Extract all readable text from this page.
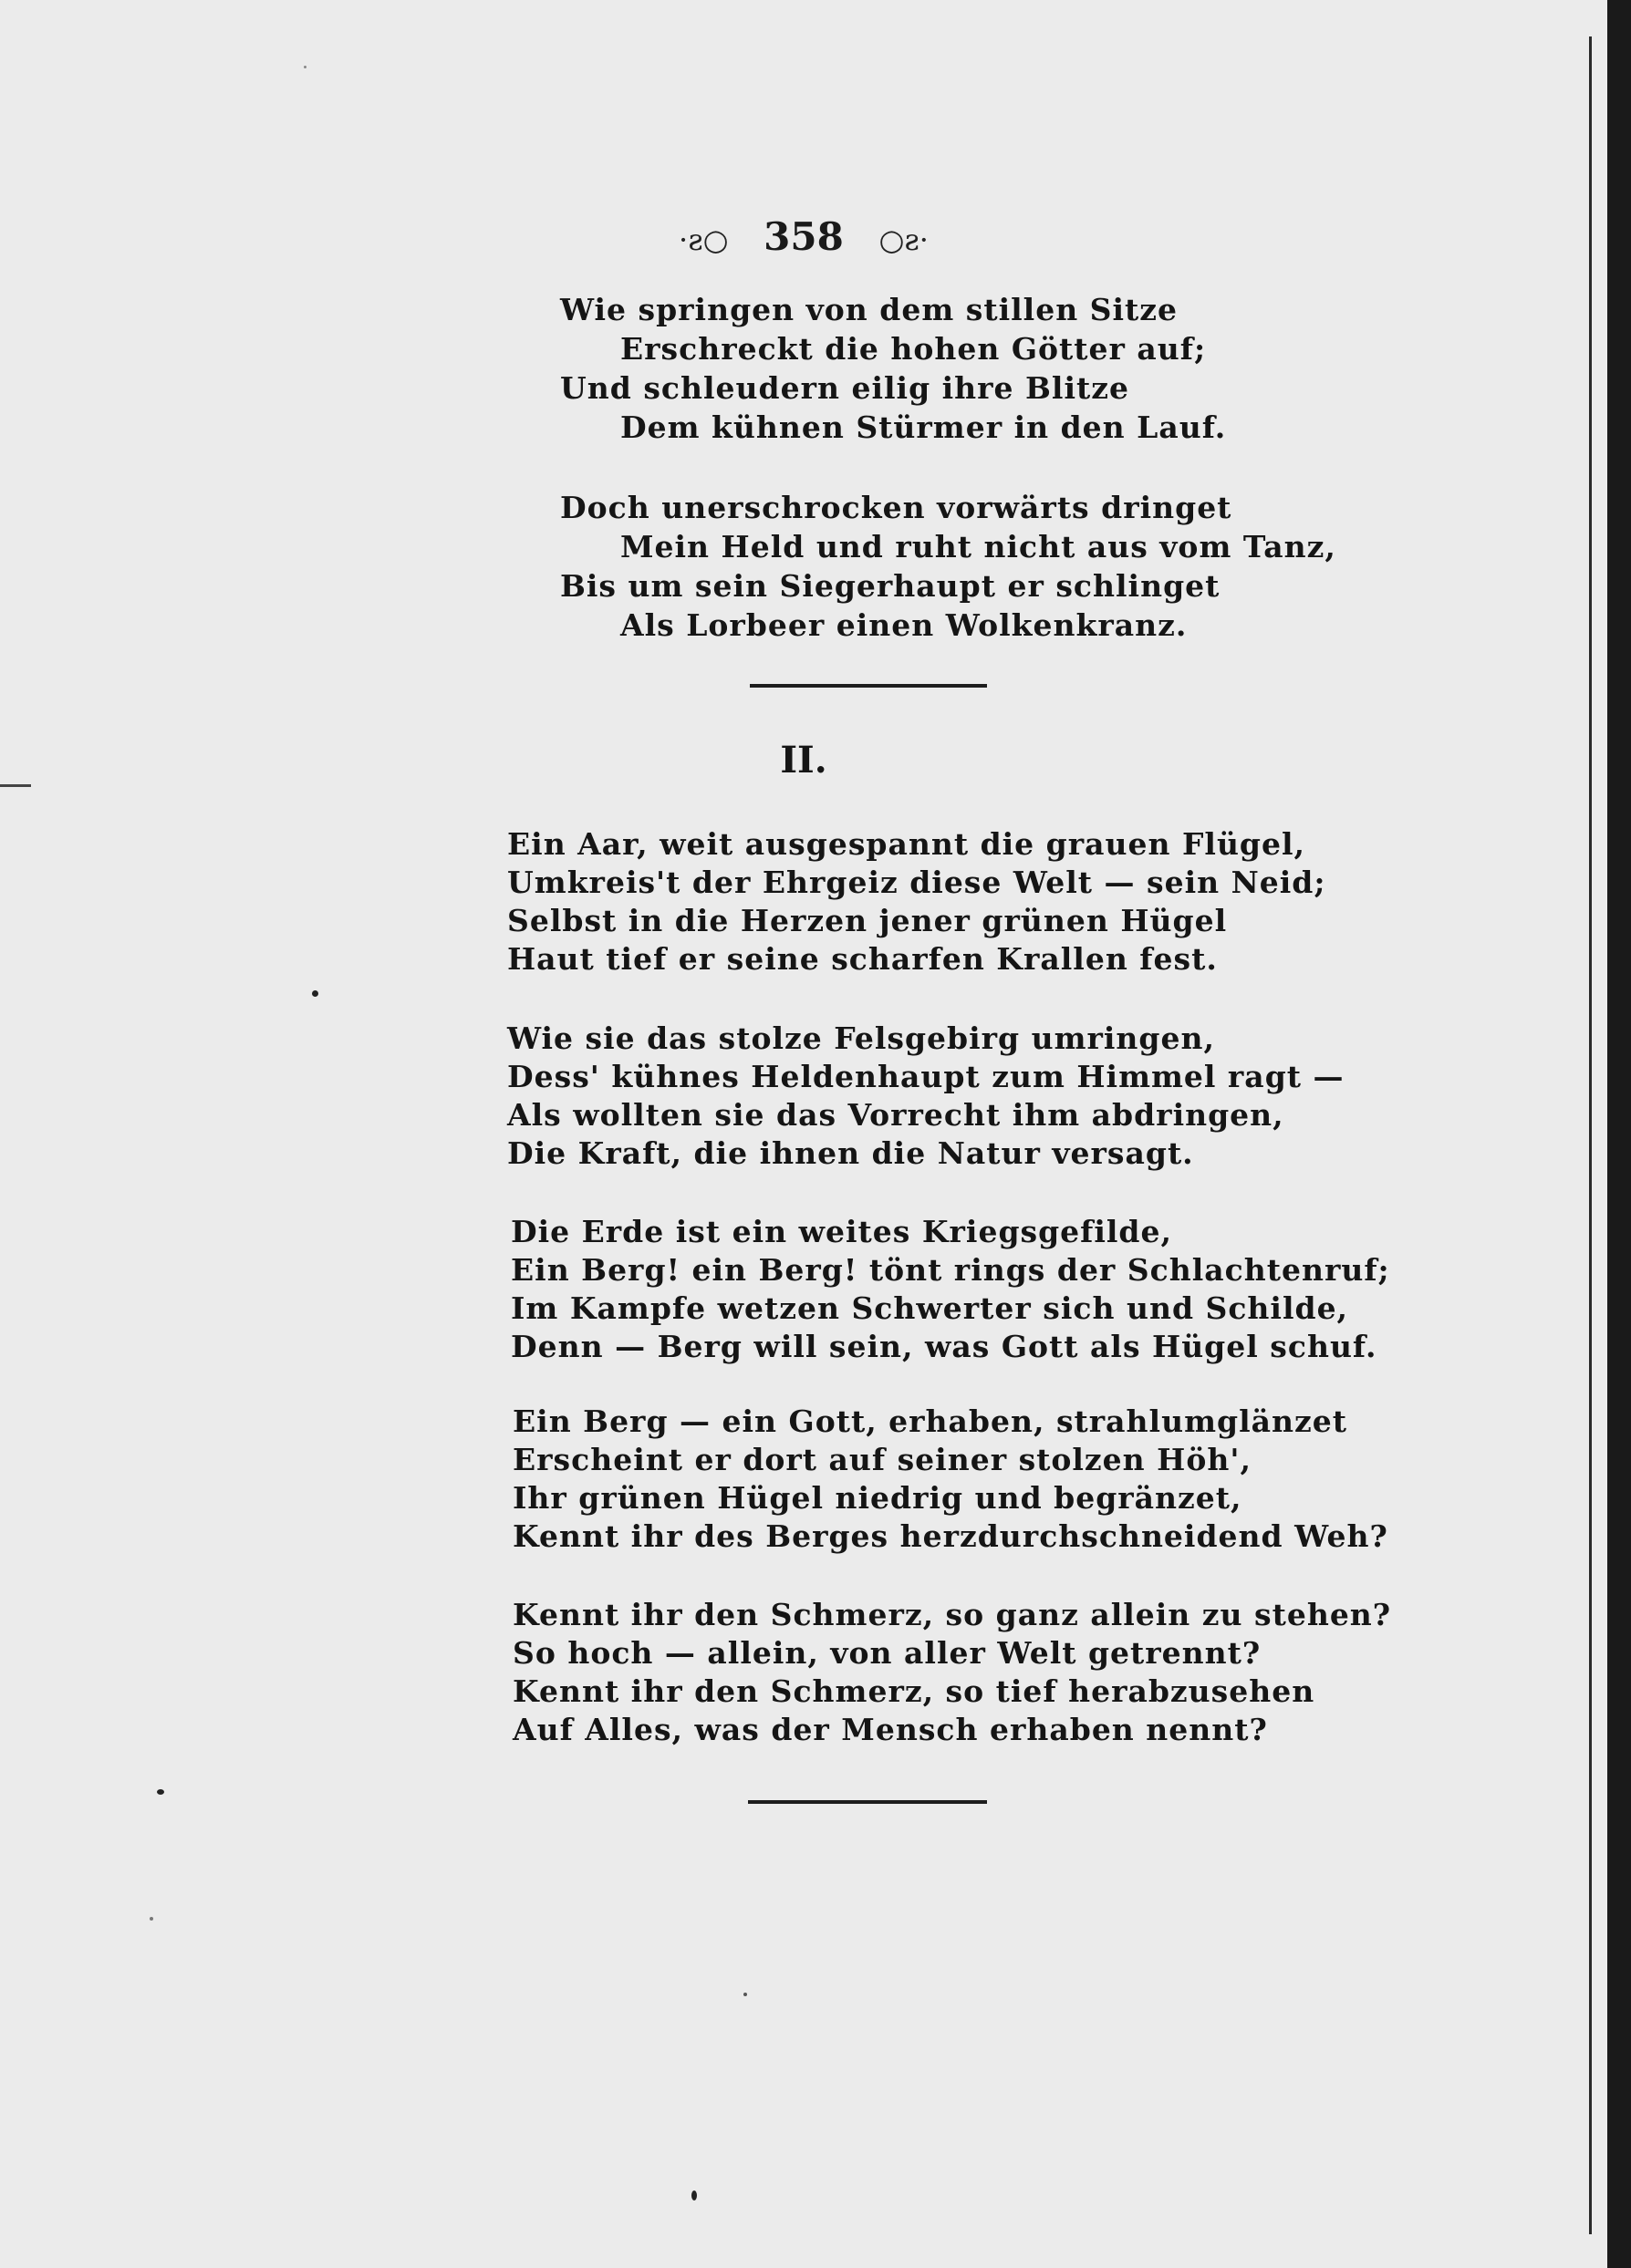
·ƨ○ 358 ○ƨ·
Wie springen von dem stillen Sitze
Erschreckt die hohen Götter auf;
Und schleudern eilig ihre Blitze
Dem kühnen Stürmer in den Lauf.
Doch unerschrocken vorwärts dringet
Mein Held und ruht nicht aus vom Tanz,
Bis um sein Siegerhaupt er schlinget
Als Lorbeer einen Wolkenkranz.
II.
Ein Aar, weit ausgespannt die grauen Flügel,
Umkreis't der Ehrgeiz diese Welt — sein Neid;
Selbst in die Herzen jener grünen Hügel
Haut tief er seine scharfen Krallen fest.
Wie sie das stolze Felsgebirg umringen,
Dess' kühnes Heldenhaupt zum Himmel ragt —
Als wollten sie das Vorrecht ihm abdringen,
Die Kraft, die ihnen die Natur versagt.
Die Erde ist ein weites Kriegsgefilde,
Ein Berg! ein Berg! tönt rings der Schlachtenruf;
Im Kampfe wetzen Schwerter sich und Schilde,
Denn — Berg will sein, was Gott als Hügel schuf.
Ein Berg — ein Gott, erhaben, strahlumglänzet
Erscheint er dort auf seiner stolzen Höh',
Ihr grünen Hügel niedrig und begränzet,
Kennt ihr des Berges herzdurchschneidend Weh?
Kennt ihr den Schmerz, so ganz allein zu stehen?
So hoch — allein, von aller Welt getrennt?
Kennt ihr den Schmerz, so tief herabzusehen
Auf Alles, was der Mensch erhaben nennt?
